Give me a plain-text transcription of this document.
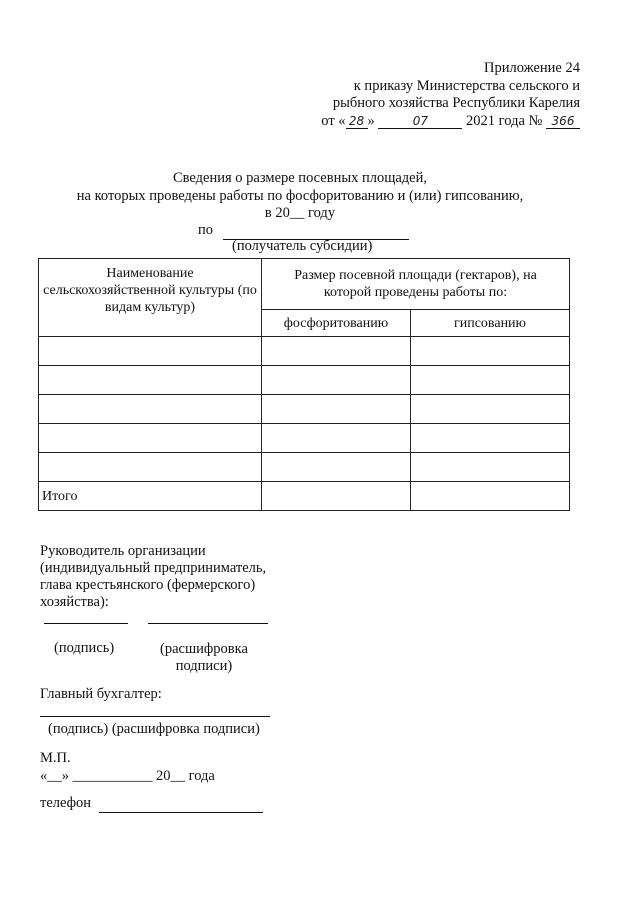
Приложение 24
к приказу Министерства сельского и
рыбного хозяйства Республики Карелия
от « 28 »	07	2021 года № 366
Сведения о размере посевных площадей,
на которых проведены работы по фосфоритованию и (или) гипсованию,
в 20__ году
по
(получатель субсидии)
Наименование сельскохозяйственной культуры (по видам культур)	Размер посевной площади (гектаров), на которой проведены работы по:	
	фосфоритованию	гипсованию

Итого		
Руководитель организации
(индивидуальный предприниматель,
глава крестьянского (фермерского)
хозяйства):
(подпись)	(расшифровка
подписи)
Главный бухгалтер:
(подпись) (расшифровка подписи)
М.П.
«__» ___________ 20__ года
телефон
